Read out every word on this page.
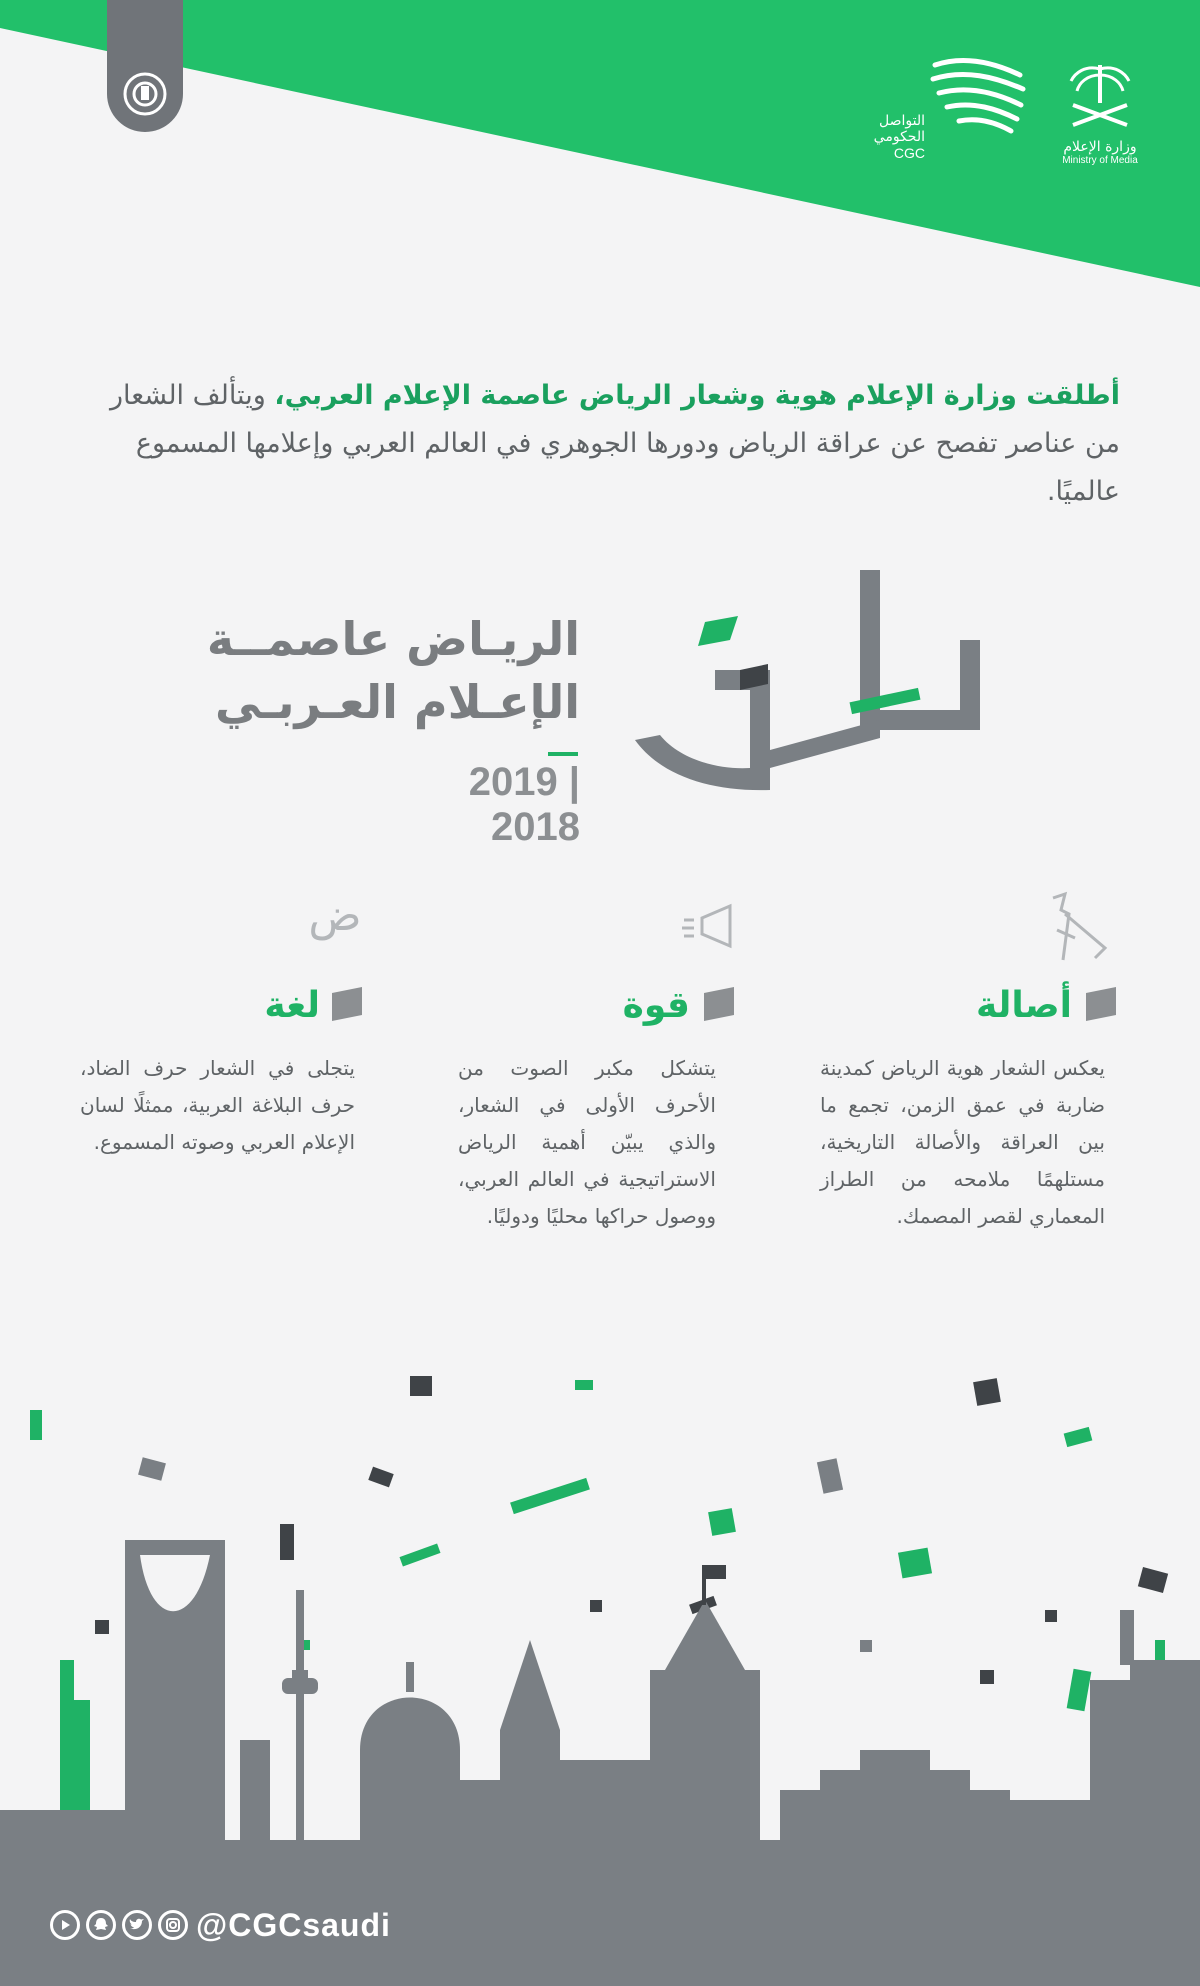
وزارة الإعلام
Ministry of Media
التواصل
الحكومي
CGC
أطلقت وزارة الإعلام هوية وشعار الرياض عاصمة الإعلام العربي، ويتألف الشعار من عناصر تفصح عن عراقة الرياض ودورها الجوهري في العالم العربي وإعلامها المسموع عالميًا.
الريـاض عاصمــة
الإعـلام العـربـي
2019 | 2018
أصالة
يعكس الشعار هوية الرياض كمدينة ضاربة في عمق الزمن، تجمع ما بين العراقة والأصالة التاريخية، مستلهمًا ملامحه من الطراز المعماري لقصر المصمك.
قوة
يتشكل مكبر الصوت من الأحرف الأولى في الشعار، والذي يبيّن أهمية الرياض الاستراتيجية في العالم العربي، ووصول حراكها محليًا ودوليًا.
ض
لغة
يتجلى في الشعار حرف الضاد، حرف البلاغة العربية، ممثلًا لسان الإعلام العربي وصوته المسموع.
@CGCsaudi
